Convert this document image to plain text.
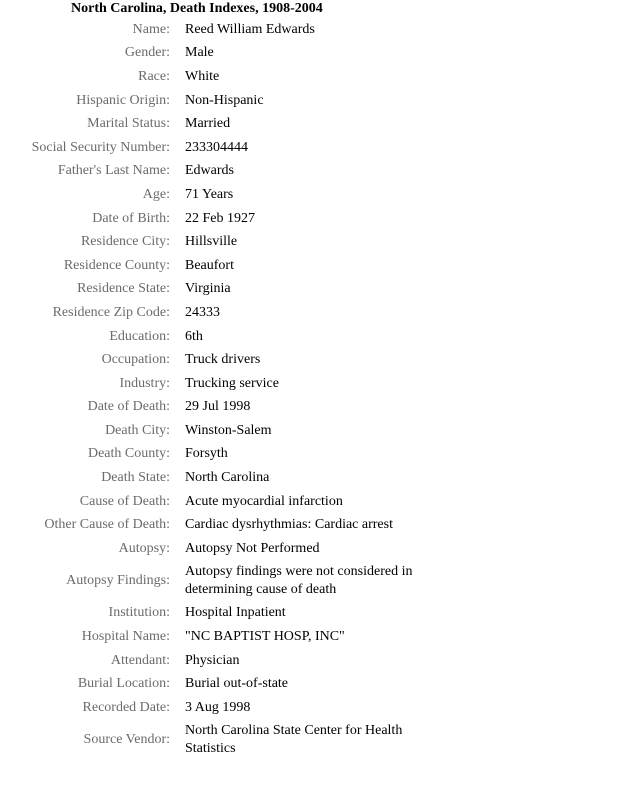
North Carolina, Death Indexes, 1908-2004
Name:	Reed William Edwards
Gender:	Male
Race:	White
Hispanic Origin:	Non-Hispanic
Marital Status:	Married
Social Security Number:	233304444
Father's Last Name:	Edwards
Age:	71 Years
Date of Birth:	22 Feb 1927
Residence City:	Hillsville
Residence County:	Beaufort
Residence State:	Virginia
Residence Zip Code:	24333
Education:	6th
Occupation:	Truck drivers
Industry:	Trucking service
Date of Death:	29 Jul 1998
Death City:	Winston-Salem
Death County:	Forsyth
Death State:	North Carolina
Cause of Death:	Acute myocardial infarction
Other Cause of Death:	Cardiac dysrhythmias: Cardiac arrest
Autopsy:	Autopsy Not Performed
Autopsy Findings:	Autopsy findings were not considered in determining cause of death
Institution:	Hospital Inpatient
Hospital Name:	"NC BAPTIST HOSP, INC"
Attendant:	Physician
Burial Location:	Burial out-of-state
Recorded Date:	3 Aug 1998
Source Vendor:	North Carolina State Center for Health Statistics
